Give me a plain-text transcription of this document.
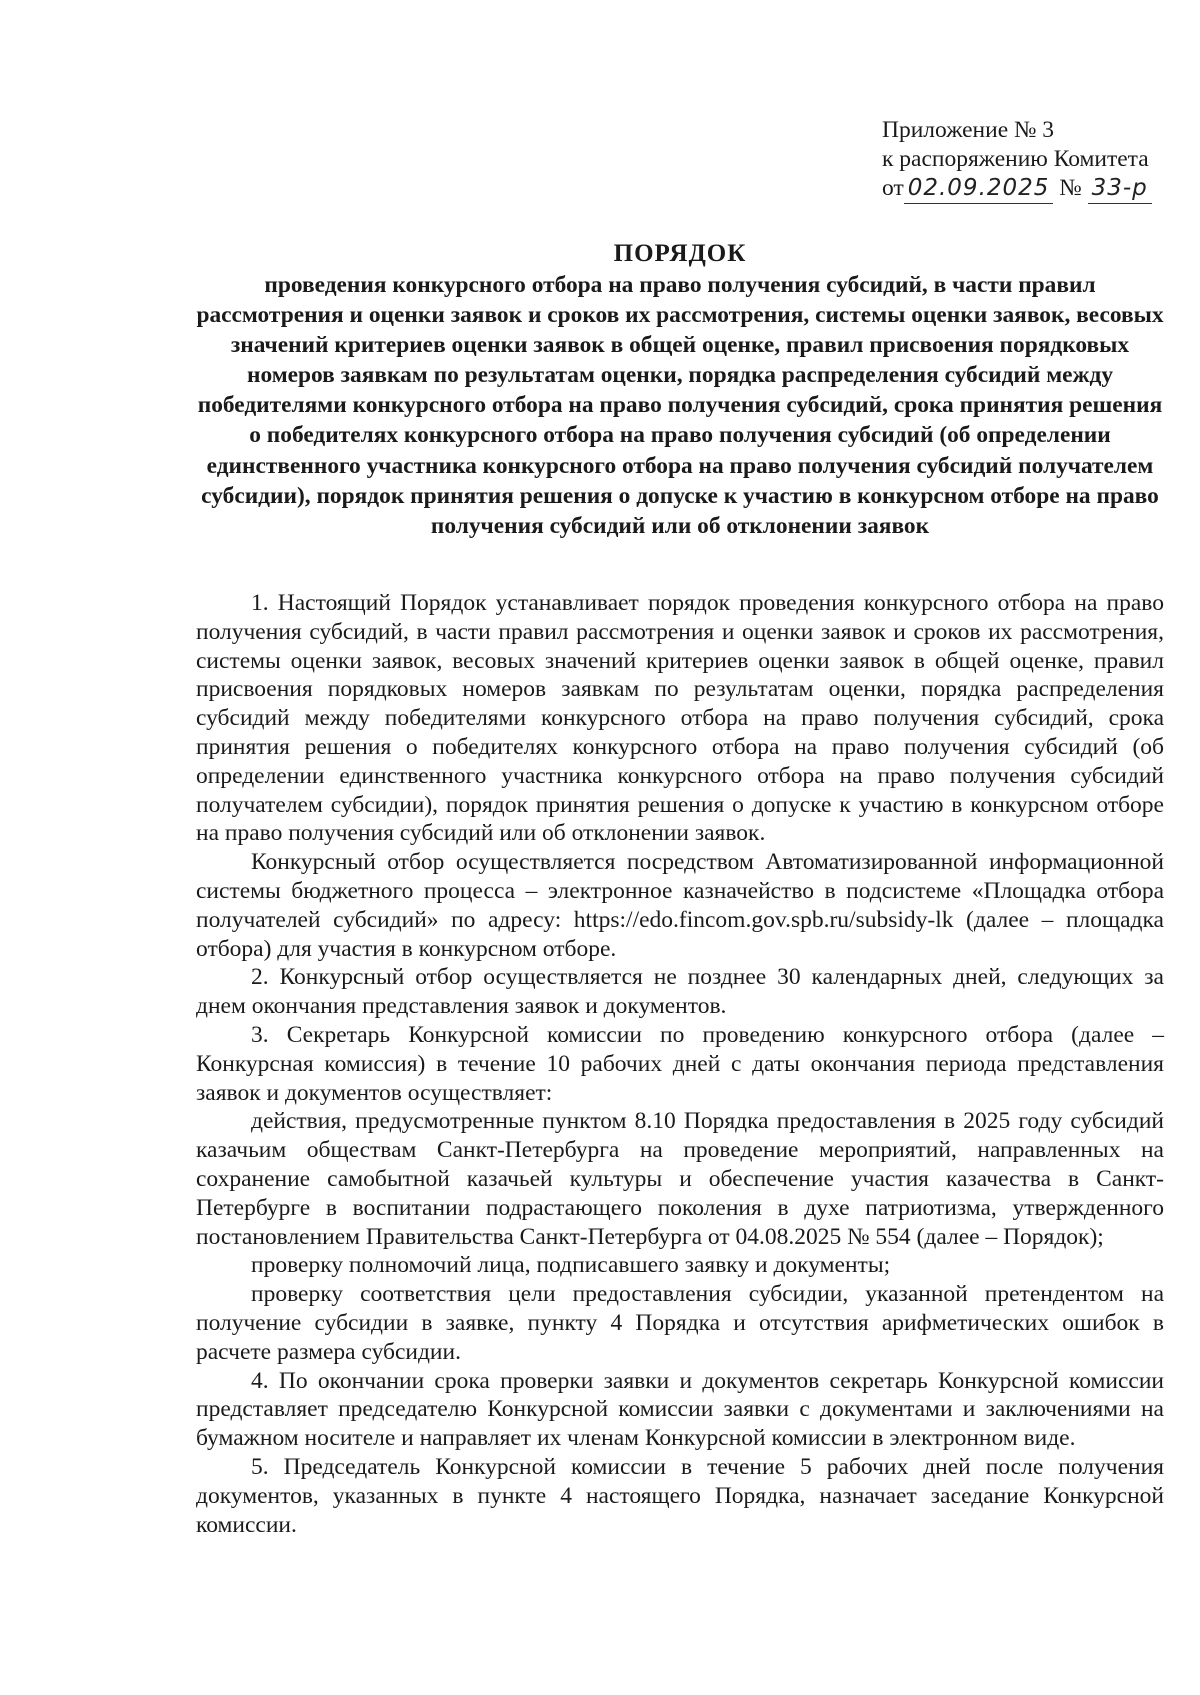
Приложение № 3
к распоряжению Комитета
от 02.09.2025 № 33-р
ПОРЯДОК
проведения конкурсного отбора на право получения субсидий, в части правил рассмотрения и оценки заявок и сроков их рассмотрения, системы оценки заявок, весовых значений критериев оценки заявок в общей оценке, правил присвоения порядковых номеров заявкам по результатам оценки, порядка распределения субсидий между победителями конкурсного отбора на право получения субсидий, срока принятия решения о победителях конкурсного отбора на право получения субсидий (об определении единственного участника конкурсного отбора на право получения субсидий получателем субсидии), порядок принятия решения о допуске к участию в конкурсном отборе на право получения субсидий или об отклонении заявок

1. Настоящий Порядок устанавливает порядок проведения конкурсного отбора на право получения субсидий, в части правил рассмотрения и оценки заявок и сроков их рассмотрения, системы оценки заявок, весовых значений критериев оценки заявок в общей оценке, правил присвоения порядковых номеров заявкам по результатам оценки, порядка распределения субсидий между победителями конкурсного отбора на право получения субсидий, срока принятия решения о победителях конкурсного отбора на право получения субсидий (об определении единственного участника конкурсного отбора на право получения субсидий получателем субсидии), порядок принятия решения о допуске к участию в конкурсном отборе на право получения субсидий или об отклонении заявок.

Конкурсный отбор осуществляется посредством Автоматизированной информационной системы бюджетного процесса – электронное казначейство в подсистеме «Площадка отбора получателей субсидий» по адресу: https://edo.fincom.gov.spb.ru/subsidy-lk (далее – площадка отбора) для участия в конкурсном отборе.

2. Конкурсный отбор осуществляется не позднее 30 календарных дней, следующих за днем окончания представления заявок и документов.

3. Секретарь Конкурсной комиссии по проведению конкурсного отбора (далее – Конкурсная комиссия) в течение 10 рабочих дней с даты окончания периода представления заявок и документов осуществляет:

действия, предусмотренные пунктом 8.10 Порядка предоставления в 2025 году субсидий казачьим обществам Санкт-Петербурга на проведение мероприятий, направленных на сохранение самобытной казачьей культуры и обеспечение участия казачества в Санкт-Петербурге в воспитании подрастающего поколения в духе патриотизма, утвержденного постановлением Правительства Санкт-Петербурга от 04.08.2025 № 554 (далее – Порядок);

проверку полномочий лица, подписавшего заявку и документы;

проверку соответствия цели предоставления субсидии, указанной претендентом на получение субсидии в заявке, пункту 4 Порядка и отсутствия арифметических ошибок в расчете размера субсидии.

4. По окончании срока проверки заявки и документов секретарь Конкурсной комиссии представляет председателю Конкурсной комиссии заявки с документами и заключениями на бумажном носителе и направляет их членам Конкурсной комиссии в электронном виде.

5. Председатель Конкурсной комиссии в течение 5 рабочих дней после получения документов, указанных в пункте 4 настоящего Порядка, назначает заседание Конкурсной комиссии.
